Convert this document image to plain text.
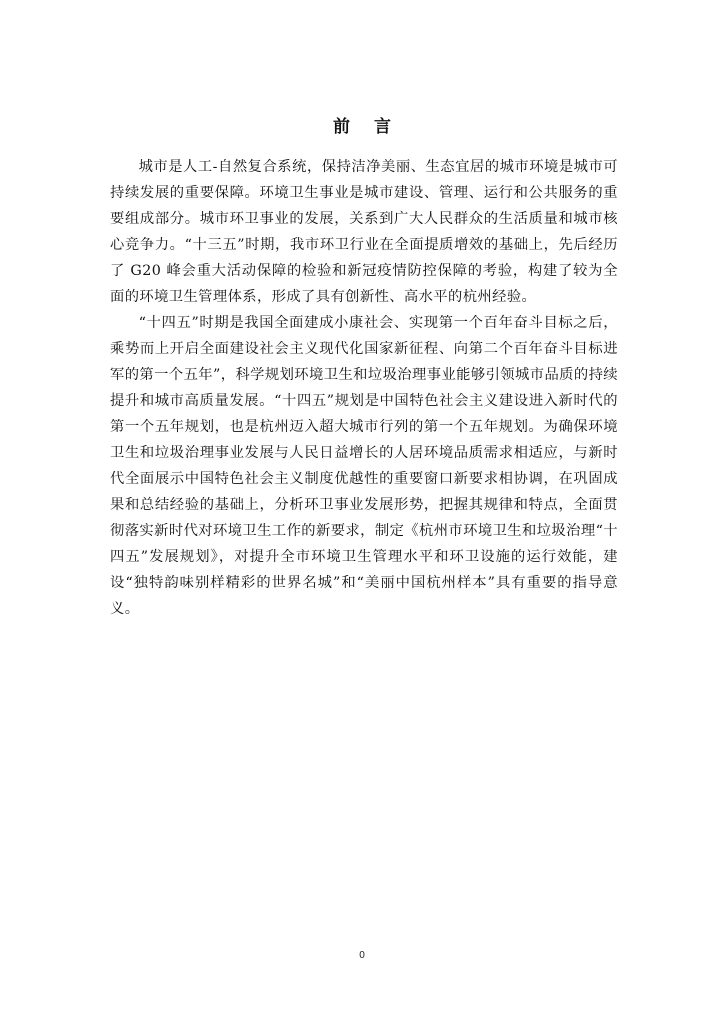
前言

城市是人工-自然复合系统，保持洁净美丽、生态宜居的城市环境是城市可持续发展的重要保障。环境卫生事业是城市建设、管理、运行和公共服务的重要组成部分。城市环卫事业的发展，关系到广大人民群众的生活质量和城市核心竞争力。“十三五”时期，我市环卫行业在全面提质增效的基础上，先后经历了 G20 峰会重大活动保障的检验和新冠疫情防控保障的考验，构建了较为全面的环境卫生管理体系，形成了具有创新性、高水平的杭州经验。

“十四五”时期是我国全面建成小康社会、实现第一个百年奋斗目标之后，乘势而上开启全面建设社会主义现代化国家新征程、向第二个百年奋斗目标进军的第一个五年”，科学规划环境卫生和垃圾治理事业能够引领城市品质的持续提升和城市高质量发展。“十四五”规划是中国特色社会主义建设进入新时代的第一个五年规划，也是杭州迈入超大城市行列的第一个五年规划。为确保环境卫生和垃圾治理事业发展与人民日益增长的人居环境品质需求相适应，与新时代全面展示中国特色社会主义制度优越性的重要窗口新要求相协调，在巩固成果和总结经验的基础上，分析环卫事业发展形势，把握其规律和特点，全面贯彻落实新时代对环境卫生工作的新要求，制定《杭州市环境卫生和垃圾治理“十四五”发展规划》，对提升全市环境卫生管理水平和环卫设施的运行效能，建设“独特韵味别样精彩的世界名城”和“美丽中国杭州样本”具有重要的指导意义。

0
